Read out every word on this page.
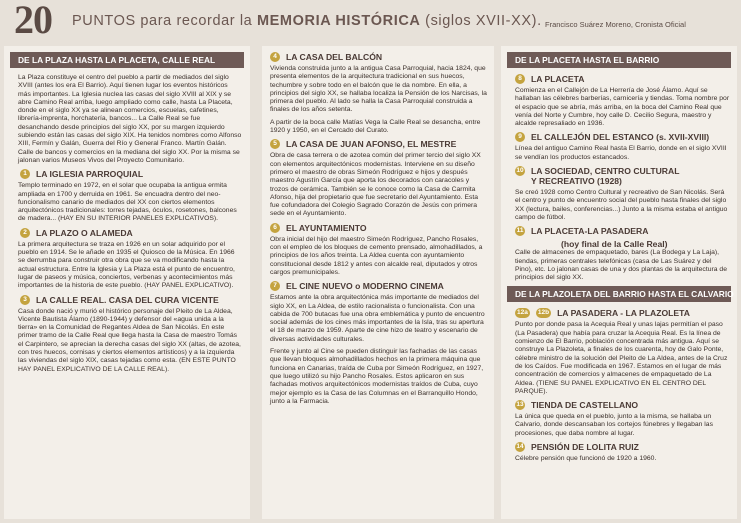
20 PUNTOS para recordar la MEMORIA HISTÓRICA (siglos XVII-XX). Francisco Suárez Moreno, Cronista Oficial
DE LA PLAZA HASTA LA PLACETA, CALLE REAL

La Plaza constituye el centro del pueblo a partir de mediados del siglo XVIII (antes los era El Barrio). Aquí tienen lugar los eventos históricos más importantes. La Iglesia nuclea las casas del siglo XVIII al XIX y se abre Camino Real arriba, luego ampliado como calle, hasta La Placeta, donde en el siglo XX ya se alinean comercios, escuelas, cafetines, librería-imprenta, horchatería, bancos... La Calle Real se fue desanchando desde principios del siglo XX, por su margen izquierdo subiendo están las casas del siglo XIX. Ha tenidos nombres como Alfonso XIII, Fermín y Galán, Guerra del Río y General Franco. Martín Galán. Calle de bancos y comercios en la mediana del siglo XX. Por la misma se jalonan varios Museos Vivos del Proyecto Comunitario.

1	LA IGLESIA PARROQUIAL

Templo terminado en 1972, en el solar que ocupaba la antigua ermita ampliada en 1700 y derruida en 1961. Se encuadra dentro del neo-funcionalismo canario de mediados del XX con ciertos elementos arquitectónicos tradicionales: torres tejadas, óculos, rosetones, balcones de madera... (HAY EN SU INTERIOR PANELES EXPLICATIVOS).

2	LA PLAZO O ALAMEDA

La primera arquitectura se traza en 1926 en un solar adquirido por el pueblo en 1914. Se le añade en 1935 el Quiosco de la Música. En 1966 se derrumba para construir otra obra que se va modificando hasta la actual estructura. Entre la Iglesia y La Plaza está el punto de encuentro, lugar de paseos y música, conciertos, verbenas y acontecimientos más importantes de la historia de este pueblo. (HAY PANEL EXPLICATIVO).

3	LA CALLE REAL. CASA DEL CURA VICENTE

Casa donde nació y murió el histórico personaje del Pleito de La Aldea, Vicente Bautista Álamo (1890-1944) y defensor del «agua unida a la tierra» en la Comunidad de Regantes Aldea de San Nicolás. En este primer tramo de la Calle Real que llega hasta la Casa de maestro Tomás el Carpintero, se aprecian la derecha casas del siglo XX (altas, de azotea, con tres huecos, cornisas y ciertos elementos artísticos) y a la izquierda las viviendas del siglo XIX, casas tejadas como esta. (EN ESTE PUNTO HAY PANEL EXPLICATIVO DE LA CALLE REAL).

4	LA CASA DEL BALCÓN

Vivienda construida junto a la antigua Casa Parroquial, hacia 1824, que presenta elementos de la arquitectura tradicional en sus huecos, techumbre y sobre todo en el balcón que le da nombre. En ella, a principios del siglo XX, se hallaba localiza la Pensión de los Narcisas, la primera del pueblo. Al lado se halla la Casa Parroquial construida a finales de los años setenta.

A partir de la boca calle Matías Vega la Calle Real se desancha, entre 1920 y 1950, en el Cercado del Curato.

5	LA CASA DE JUAN AFONSO, EL MESTRE

Obra de casa terrera o de azotea común del primer tercio del siglo XX con elementos arquitectónicos modernistas. Interviene en su diseño primero el maestro de obras Simeón Rodríguez e hijos y después maestro Agustín García que aporta los decorados con caracoles y trozos de cerámica. También se le conoce como la Casa de Carmita Afonso, hija del propietario que fue secretario del Ayuntamiento. Esta fue cofundadora del Colegio Sagrado Corazón de Jesús con primera sede en el Ayuntamiento.

6	EL AYUNTAMIENTO

Obra inicial del hijo del maestro Simeón Rodríguez, Pancho Rosales, con el empleo de los bloques de cemento prensado, almohadillados, a principios de los años treinta. La Aldea cuenta con ayuntamiento constitucional desde 1812 y antes con alcalde real, diputados y otros cargos premunicipales.

7	EL CINE NUEVO o MODERNO CINEMA

Estamos ante la obra arquitectónica más importante de mediados del siglo XX, en La Aldea, de estilo racionalista o funcionalista. Con una cabida de 700 butacas fue una obra emblemática y punto de encuentro social además de los cines más importantes de la Isla, tras su apertura el 18 de marzo de 1959. Aparte de cine hizo de teatro y escenario de diversas actividades culturales.

Frente y junto al Cine se pueden distinguir las fachadas de las casas que llevan bloques almohadillados hechos en la primera máquina que funciona en Canarias, traída de Cuba por Simeón Rodríguez, en 1927, que luego utilizó su hijo Pancho Rosales. Estos aplicaron en sus fachadas motivos arquitectónicos modernistas traídos de Cuba, cuyo mejor ejemplo es la Casa de las Columnas en el Barranquillo Hondo, junto a la Farmacia.

DE LA PLACETA HASTA EL BARRIO
8	LA PLACETA

Comienza en el Callejón de La Herrería de José Álamo. Aquí se hallaban las célebres barberías, carnicería y tiendas. Toma nombre por el espacio que se abría, más arriba, en la boca del Camino Real que venía del Norte y Cumbre, hoy calle D. Cecilio Segura, maestro y alcalde represaliado en 1936.

9	EL CALLEJÓN DEL ESTANCO (s. XVII-XVIII)

Línea del antiguo Camino Real hasta El Barrio, donde en el siglo XVIII se vendían los productos estancados.

10 LA SOCIEDAD, CENTRO CULTURAL
Y RECREATIVO (1928)

Se creó 1928 como Centro Cultural y recreativo de San Nicolás. Será el centro y punto de encuentro social del pueblo hasta finales del siglo XX (lectura, bailes, conferencias...) Junto a la misma estaba el antiguo campo de fútbol.

11 LA PLACETA-LA PASADERA
(hoy final de la Calle Real)

Calle de almacenes de empaquetado, bares (La Bodega y La Laja), tiendas, primeras centrales telefónicas (casa de Las Suárez y del Pino), etc. Lo jalonan casas de una y dos plantas de la arquitectura de principios del siglo XX.

DE LA PLAZOLETA DEL BARRIO HASTA EL CALVARIO
12a	12b LA PASADERA - LA PLAZOLETA

Punto por donde pasa la Acequia Real y unas lajas permitían el paso (La Pasadera) que había para cruzar la Acequia Real. Es la línea de comienzo de El Barrio, población concentrada más antigua. Aquí se construye La Plazoleta, a finales de los cuarenta, hoy de Galo Ponte, célebre ministro de la solución del Pleito de La Aldea, antes de la Cruz de los Caídos. Fue modificada en 1967. Estamos en el lugar de más concentración de comercios y almacenes de empaquetado de La Aldea. (TIENE SU PANEL EXPLICATIVO EN EL CENTRO DEL PARQUE).

13 TIENDA DE CASTELLANO

La única que queda en el pueblo, junto a la misma, se hallaba un Calvario, donde descansaban los cortejos fúnebres y llegaban las procesiones, que daba nombre al lugar.

14 PENSIÓN DE LOLITA RUIZ

Célebre pensión que funcionó de 1920 a 1960.
